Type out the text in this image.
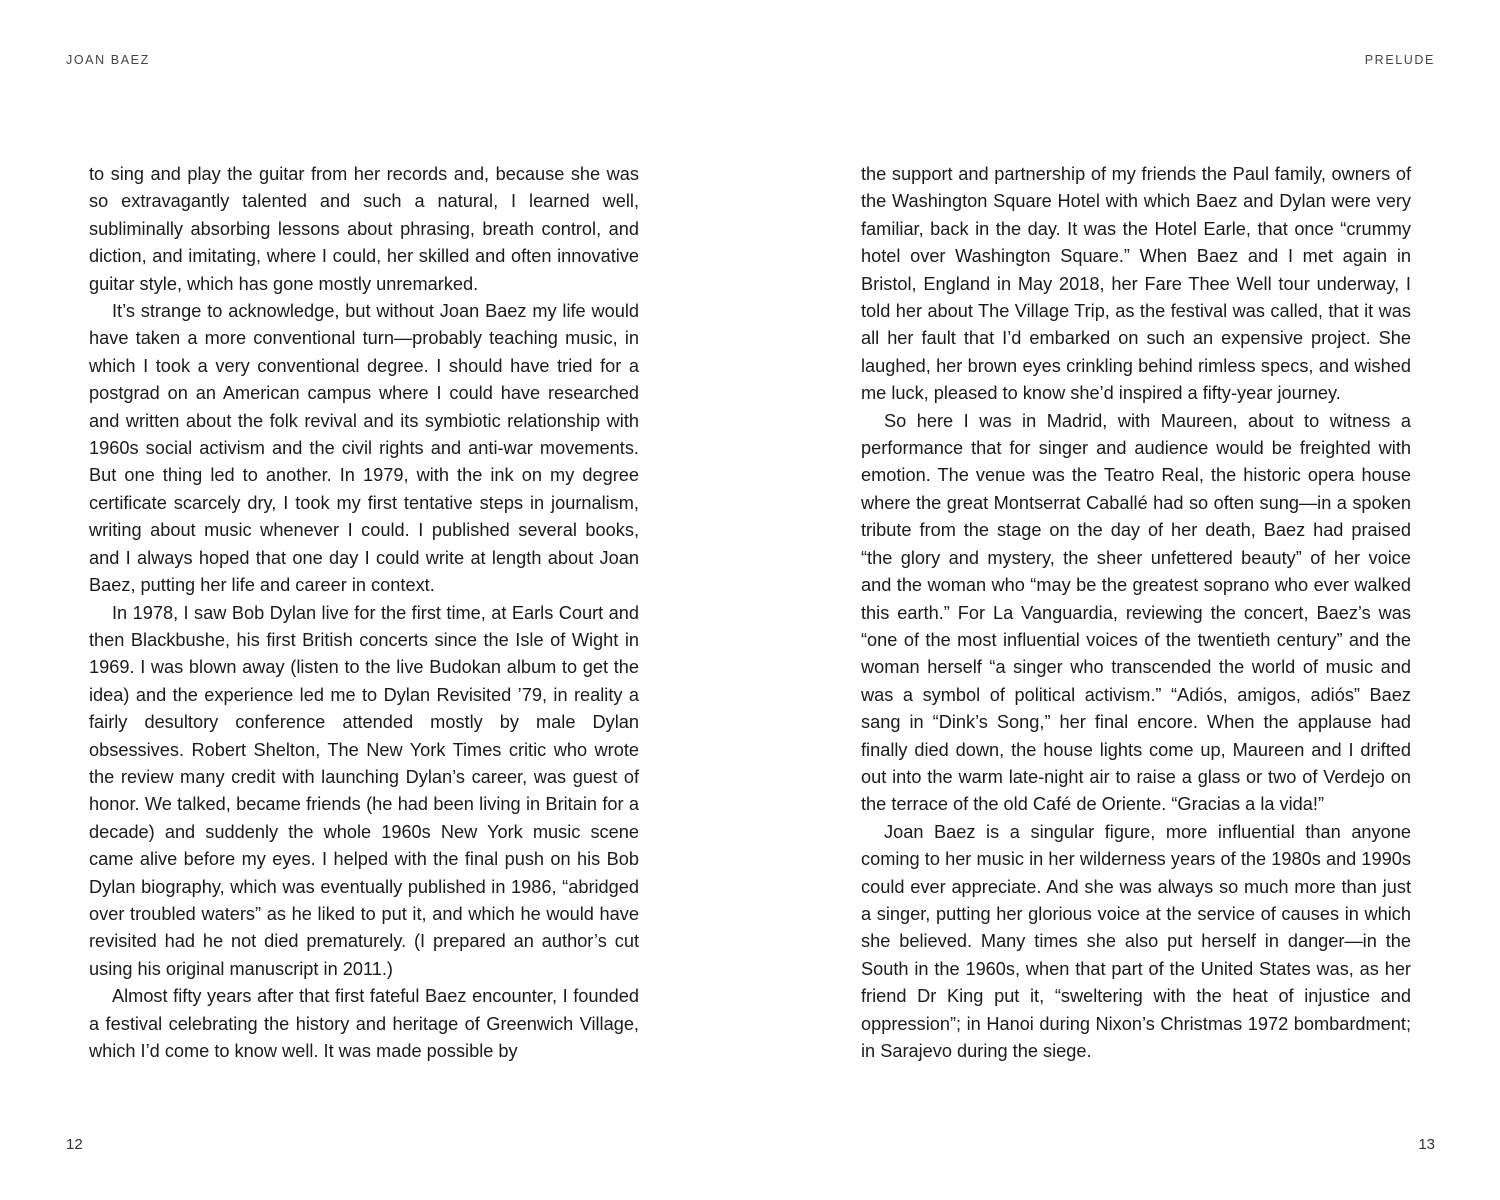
JOAN BAEZ

to sing and play the guitar from her records and, because she was so extravagantly talented and such a natural, I learned well, subliminally absorbing lessons about phrasing, breath control, and diction, and imitating, where I could, her skilled and often innovative guitar style, which has gone mostly unremarked.

It’s strange to acknowledge, but without Joan Baez my life would have taken a more conventional turn—probably teaching music, in which I took a very conventional degree. I should have tried for a postgrad on an American campus where I could have researched and written about the folk revival and its symbiotic relationship with 1960s social activism and the civil rights and anti-war movements. But one thing led to another. In 1979, with the ink on my degree certificate scarcely dry, I took my first tentative steps in journalism, writing about music whenever I could. I published several books, and I always hoped that one day I could write at length about Joan Baez, putting her life and career in context.

In 1978, I saw Bob Dylan live for the first time, at Earls Court and then Blackbushe, his first British concerts since the Isle of Wight in 1969. I was blown away (listen to the live Budokan album to get the idea) and the experience led me to Dylan Revisited ’79, in reality a fairly desultory conference attended mostly by male Dylan obsessives. Robert Shelton, The New York Times critic who wrote the review many credit with launching Dylan’s career, was guest of honor. We talked, became friends (he had been living in Britain for a decade) and suddenly the whole 1960s New York music scene came alive before my eyes. I helped with the final push on his Bob Dylan biography, which was eventually published in 1986, “abridged over troubled waters” as he liked to put it, and which he would have revisited had he not died prematurely. (I prepared an author’s cut using his original manuscript in 2011.)

Almost fifty years after that first fateful Baez encounter, I founded a festival celebrating the history and heritage of Greenwich Village, which I’d come to know well. It was made possible by

12
PRELUDE

the support and partnership of my friends the Paul family, owners of the Washington Square Hotel with which Baez and Dylan were very familiar, back in the day. It was the Hotel Earle, that once “crummy hotel over Washington Square.” When Baez and I met again in Bristol, England in May 2018, her Fare Thee Well tour underway, I told her about The Village Trip, as the festival was called, that it was all her fault that I’d embarked on such an expensive project. She laughed, her brown eyes crinkling behind rimless specs, and wished me luck, pleased to know she’d inspired a fifty-year journey.

So here I was in Madrid, with Maureen, about to witness a performance that for singer and audience would be freighted with emotion. The venue was the Teatro Real, the historic opera house where the great Montserrat Caballé had so often sung—in a spoken tribute from the stage on the day of her death, Baez had praised “the glory and mystery, the sheer unfettered beauty” of her voice and the woman who “may be the greatest soprano who ever walked this earth.” For La Vanguardia, reviewing the concert, Baez’s was “one of the most influential voices of the twentieth century” and the woman herself “a singer who transcended the world of music and was a symbol of political activism.” “Adiós, amigos, adiós” Baez sang in “Dink’s Song,” her final encore. When the applause had finally died down, the house lights come up, Maureen and I drifted out into the warm late-night air to raise a glass or two of Verdejo on the terrace of the old Café de Oriente. “Gracias a la vida!”

Joan Baez is a singular figure, more influential than anyone coming to her music in her wilderness years of the 1980s and 1990s could ever appreciate. And she was always so much more than just a singer, putting her glorious voice at the service of causes in which she believed. Many times she also put herself in danger—in the South in the 1960s, when that part of the United States was, as her friend Dr King put it, “sweltering with the heat of injustice and oppression”; in Hanoi during Nixon’s Christmas 1972 bombardment; in Sarajevo during the siege.

13
